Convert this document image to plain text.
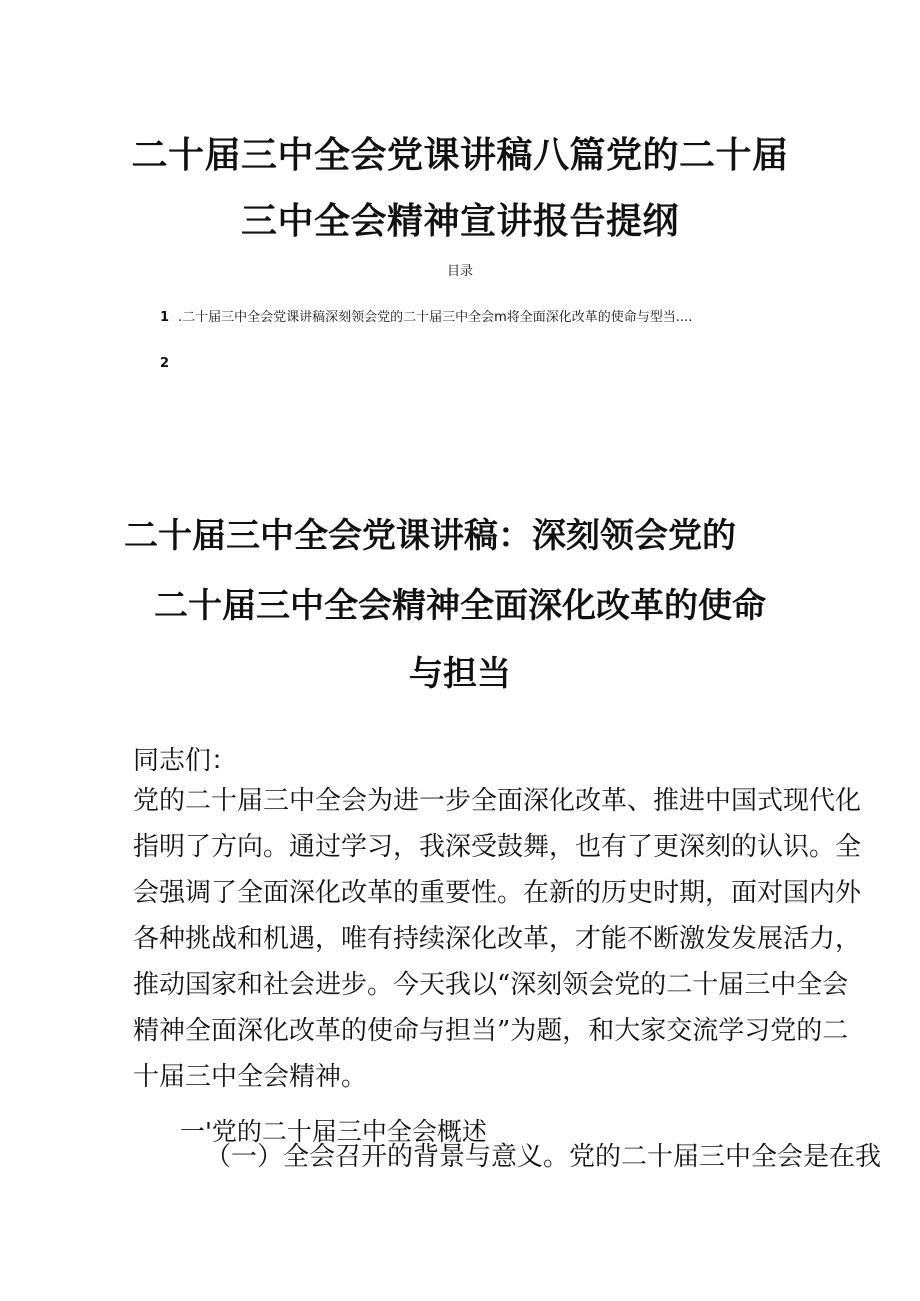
二十届三中全会党课讲稿八篇党的二十届
三中全会精神宣讲报告提纲
目录
1 .二十届三中全会党课讲稿深刻领会党的二十届三中全会m将全面深化改革的使命与型当....
2
二十届三中全会党课讲稿：深刻领会党的
二十届三中全会精神全面深化改革的使命
与担当
同志们：
党的二十届三中全会为进一步全面深化改革、推进中国式现代化
指明了方向。通过学习，我深受鼓舞，也有了更深刻的认识。全
会强调了全面深化改革的重要性。在新的历史时期，面对国内外
各种挑战和机遇，唯有持续深化改革，才能不断激发发展活力，
推动国家和社会进步。今天我以“深刻领会党的二十届三中全会
精神全面深化改革的使命与担当”为题，和大家交流学习党的二
十届三中全会精神。
一'党的二十届三中全会概述
（一）全会召开的背景与意义。党的二十届三中全会是在我
